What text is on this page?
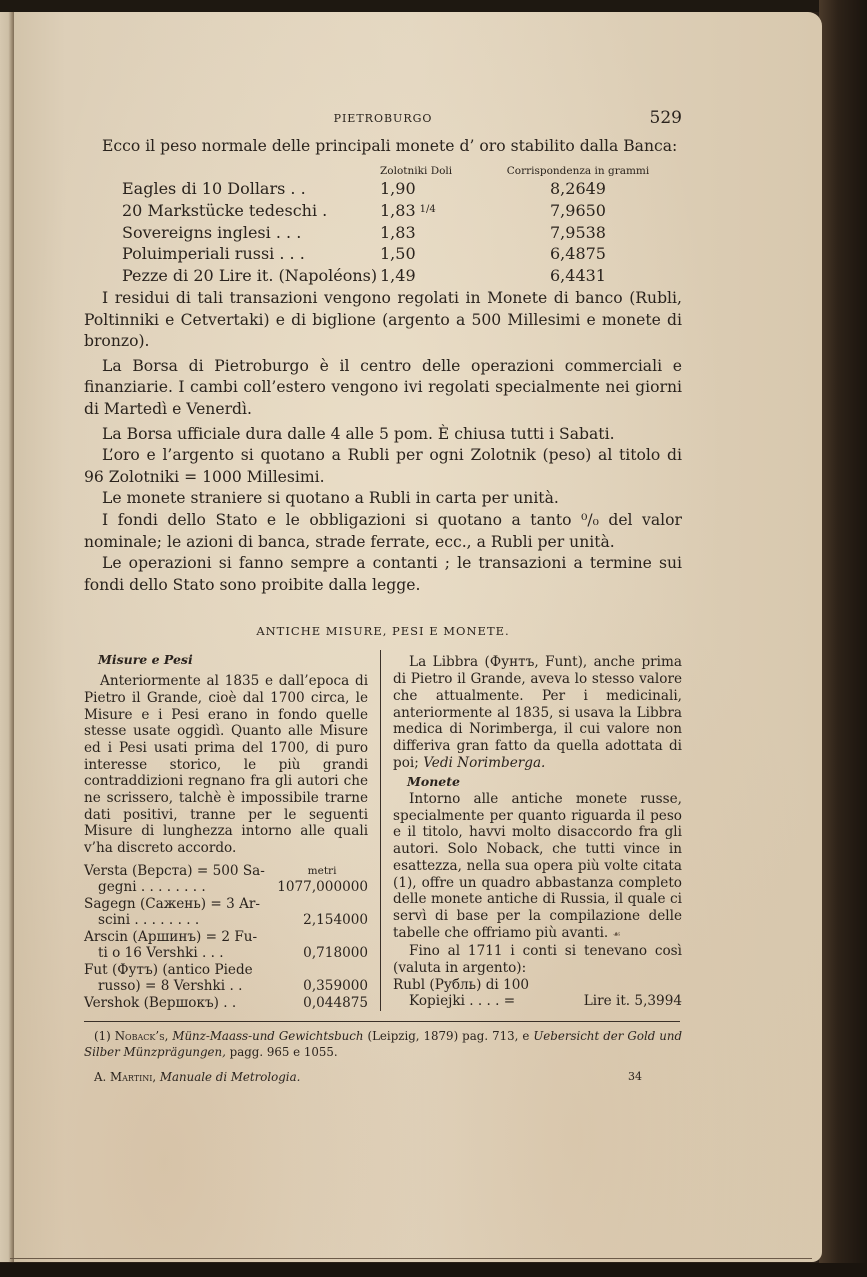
PIETROBURGO	529

Ecco il peso normale delle principali monete d’ oro stabilito dalla Banca:

	Zolotniki Doli	Corrispondenza in grammi
Eagles di 10 Dollars . .	1,90	8,2649
20 Markstücke tedeschi .	1,83 $^{1/4}$	7,9650
Sovereigns inglesi . . .	1,83	7,9538
Poluimperiali russi . . .	1,50	6,4875
Pezze di 20 Lire it. (Napoléons)	1,49	6,4431

I residui di tali transazioni vengono regolati in Monete di banco (Rubli, Poltinniki e Cetvertaki) e di biglione (argento a 500 Millesimi e monete di bronzo).

La Borsa di Pietroburgo è il centro delle operazioni commerciali e finanziarie. I cambi coll’estero vengono ivi regolati specialmente nei giorni di Martedì e Venerdì.

La Borsa ufficiale dura dalle 4 alle 5 pom. È chiusa tutti i Sabati.

L’oro e l’argento si quotano a Rubli per ogni Zolotnik (peso) al titolo di 96 Zolotniki = 1000 Millesimi.

Le monete straniere si quotano a Rubli in carta per unità.

I fondi dello Stato e le obbligazioni si quotano a tanto ⁰/₀ del valor nominale; le azioni di banca, strade ferrate, ecc., a Rubli per unità.

Le operazioni si fanno sempre a contanti ; le transazioni a termine sui fondi dello Stato sono proibite dalla legge.

ANTICHE MISURE, PESI E MONETE.
Misure e Pesi

Anteriormente al 1835 e dall’epoca di Pietro il Grande, cioè dal 1700 circa, le Misure e i Pesi erano in fondo quelle stesse usate oggidì. Quanto alle Misure ed i Pesi usati prima del 1700, di puro interesse storico, le più grandi contraddizioni regnano fra gli autori che ne scrissero, talchè è impossibile trarne dati positivi, tranne per le seguenti Misure di lunghezza intorno alle quali v’ha discreto accordo.

Versta (Верста) = 500 Sa-	metri
gegni . . . . . . . .	1077,000000
Sagegn (Сажень) = 3 Ar-	
scini . . . . . . . .	2,154000
Arscin (Аршинъ) = 2 Fu-	
ti o 16 Vershki . . .	0,718000
Fut (Футъ) (antico Piede	
russo) = 8 Vershki . .	0,359000
Vershok (Вершокъ) . .	0,044875

La Libbra (Фунтъ, Funt), anche prima di Pietro il Grande, aveva lo stesso valore che attualmente. Per i medicinali, anteriormente al 1835, si usava la Libbra medica di Norimberga, il cui valore non differiva gran fatto da quella adottata di poi; Vedi Norimberga.

Monete

Intorno alle antiche monete russe, specialmente per quanto riguarda il peso e il titolo, havvi molto disaccordo fra gli autori. Solo Noback, che tutti vince in esattezza, nella sua opera più volte citata (1), offre un quadro abbastanza completo delle monete antiche di Russia, il quale ci servì di base per la compilazione delle tabelle che offriamo più avanti. ☙

Fino al 1711 i conti si tenevano così (valuta in argento):

Rubl (Рубль) di 100

Kopiejki . . . . =	Lire it. 5,3994

(1) Noback’s, Münz-Maass-und Gewichtsbuch (Leipzig, 1879) pag. 713, e Uebersicht der Gold und Silber Münzprägungen, pagg. 965 e 1055.

A. Martini, Manuale di Metrologia.	34
